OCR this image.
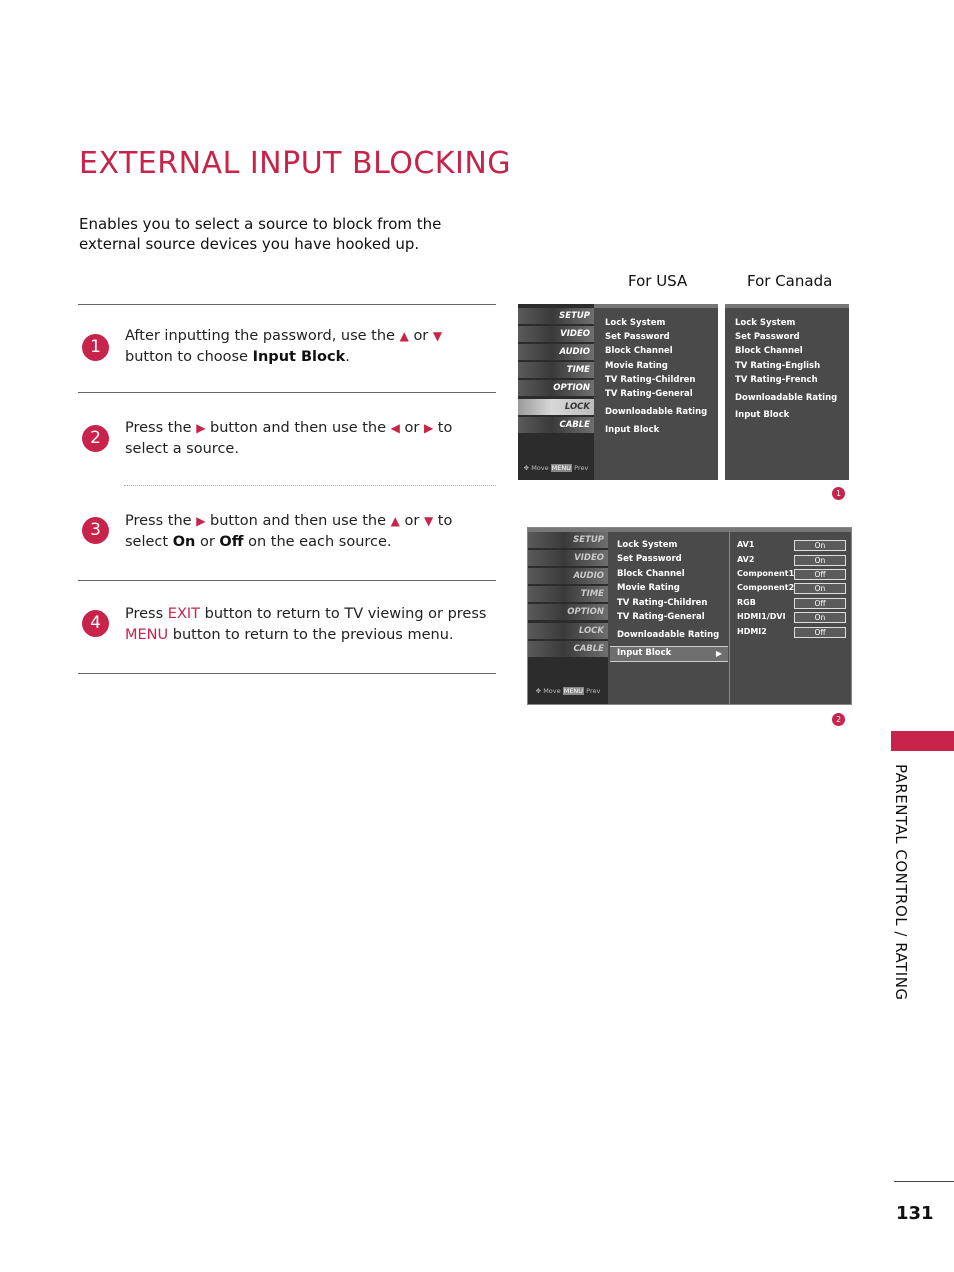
EXTERNAL INPUT BLOCKING
Enables you to select a source to block from the external source devices you have hooked up.
1
After inputting the password, use the ▲ or ▼ button to choose Input Block.
2	Press the ▶ button and then use the ◀ or ▶ to select a source.
3	Press the ▶ button and then use the ▲ or ▼ to select On or Off on the each source.
4	Press EXIT button to return to TV viewing or press MENU button to return to the previous menu.
For USA	For Canada
SETUP
VIDEO
AUDIO
TIME
OPTION
LOCK
CABLE
✥ Move MENU Prev
Lock System
Set Password
Block Channel
Movie Rating
TV Rating-Children
TV Rating-General
Downloadable Rating
Input Block
Lock System
Set Password
Block Channel
TV Rating-English
TV Rating-French
Downloadable Rating
Input Block
1
SETUP
VIDEO
AUDIO
TIME
OPTION
LOCK
CABLE
✥ Move MENU Prev
Lock System
Set Password
Block Channel
Movie Rating
TV Rating-Children
TV Rating-General
Downloadable Rating
Input Block	▶
AV1	On
AV2	On
Component1	Off
Component2	On
RGB	Off
HDMI1/DVI	On
HDMI2	Off
2
PARENTAL CONTROL / RATING
131
